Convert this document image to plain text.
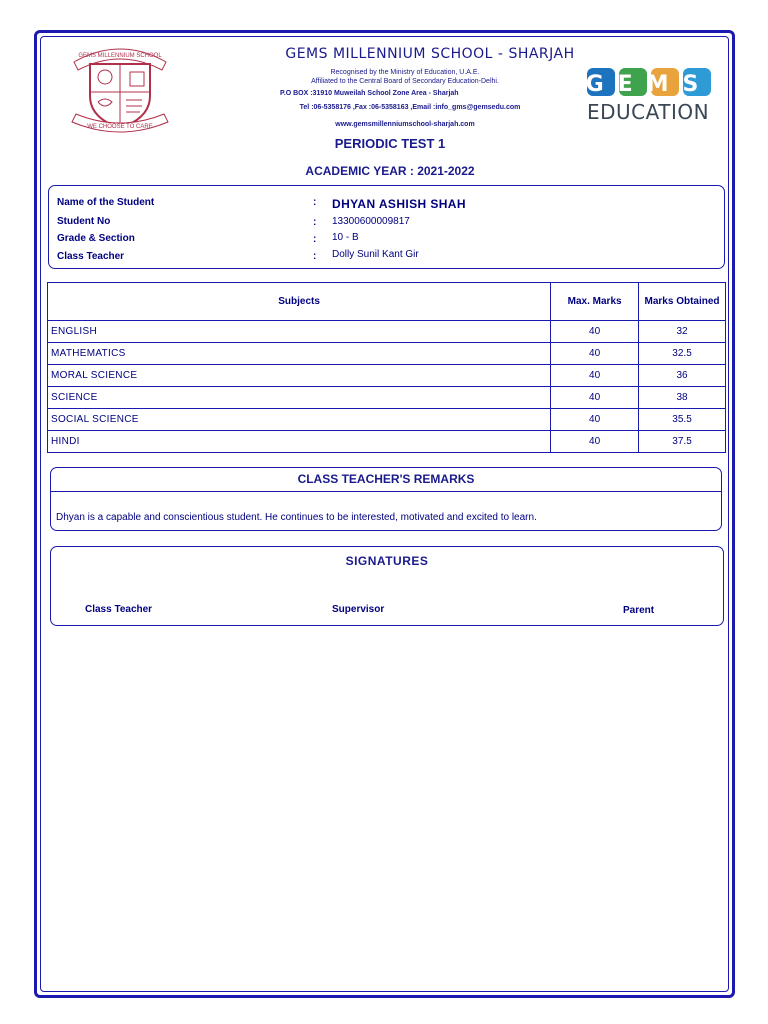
GEMS MILLENNIUM SCHOOL
WE CHOOSE TO CARE
GEMS MILLENNIUM SCHOOL - SHARJAH
Recognised by the Ministry of Education, U.A.E.
Affiliated to the Central Board of Secondary Education-Delhi.
P.O BOX :31910 Muweilah School Zone Area - Sharjah
Tel :06-5358176 ,Fax :06-5358163 ,Email :info_gms@gemsedu.com
www.gemsmillenniumschool-sharjah.com
PERIODIC TEST 1
ACADEMIC YEAR : 2021-2022
GEMS
EDUCATION
Name of the Student	: DHYAN ASHISH SHAH
Student No	: 13300600009817
Grade & Section	: 10 - B
Class Teacher	: Dolly Sunil Kant Gir
Subjects	Max. Marks	Marks Obtained
ENGLISH	40	32
MATHEMATICS	40	32.5
MORAL SCIENCE	40	36
SCIENCE	40	38
SOCIAL SCIENCE	40	35.5
HINDI	40	37.5
CLASS TEACHER'S REMARKS
Dhyan is a capable and conscientious student. He continues to be interested, motivated and excited to learn.
SIGNATURES
Class Teacher	Supervisor	Parent
